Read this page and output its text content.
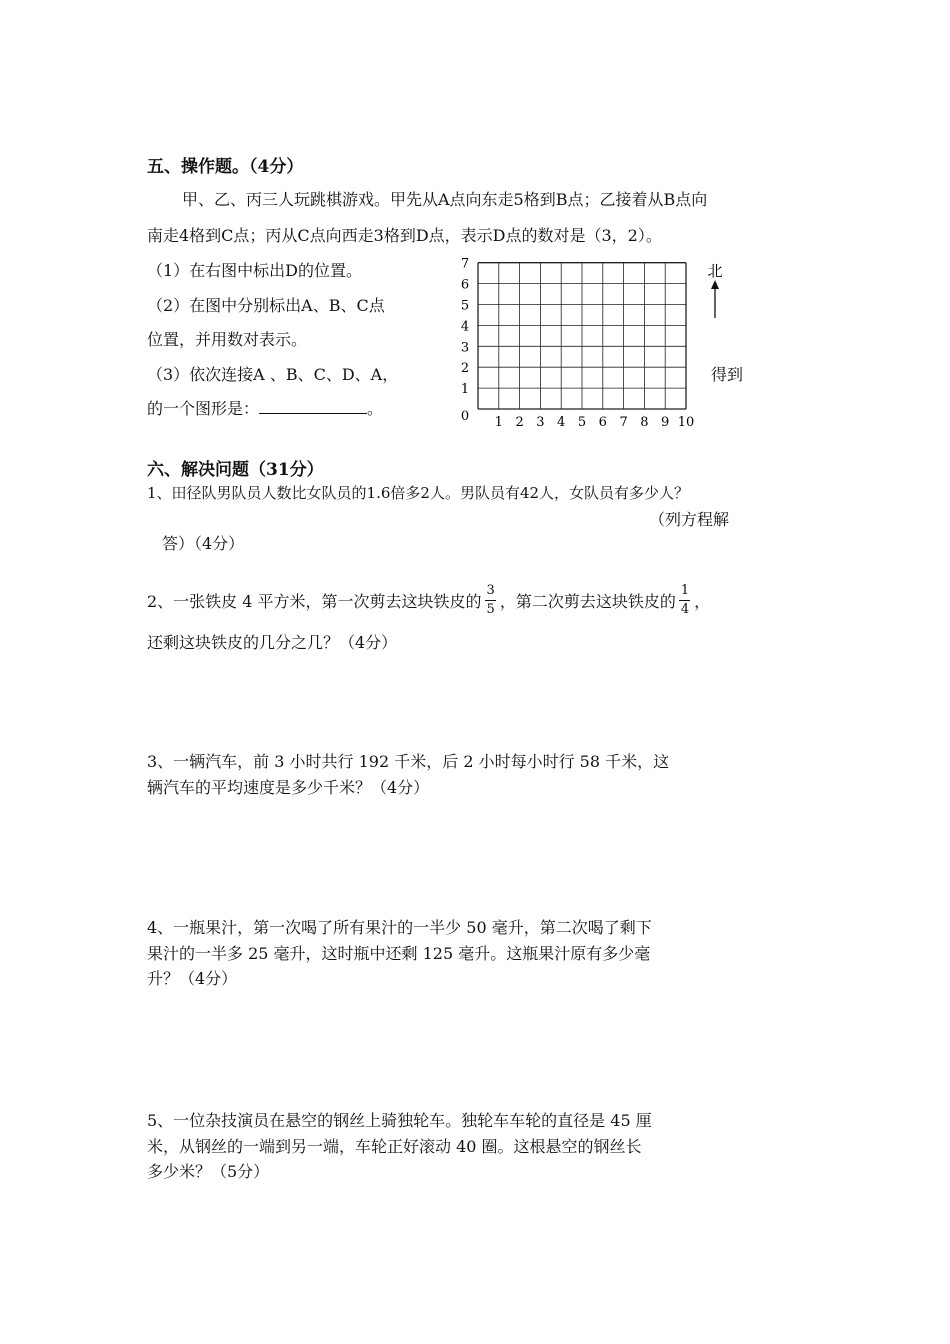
五、操作题。（4分）
甲、乙、丙三人玩跳棋游戏。甲先从A点向东走5格到B点；乙接着从B点向
南走4格到C点；丙从C点向西走3格到D点，表示D点的数对是（3，2）。
（1）在右图中标出D的位置。
（2）在图中分别标出A、B、C点
位置，并用数对表示。
（3）依次连接A 、B、C、D、A，
的一个图形是：	。
得到
1 2 3 4 5 6 7 8 9 10
1
2
3
4
5
6
7
0
北
六、解决问题（31分）
1、田径队男队员人数比女队员的1.6倍多2人。男队员有42人，女队员有多少人？
（列方程解
答）（4分）
2、一张铁皮 4 平方米，第一次剪去这块铁皮的 $\frac{3}{5}$ ，第二次剪去这块铁皮的 $\frac{1}{4}$ ，
还剩这块铁皮的几分之几？（4分）
3、一辆汽车，前 3 小时共行 192 千米，后 2 小时每小时行 58 千米，这
辆汽车的平均速度是多少千米？（4分）
4、一瓶果汁，第一次喝了所有果汁的一半少 50 毫升，第二次喝了剩下
果汁的一半多 25 毫升，这时瓶中还剩 125 毫升。这瓶果汁原有多少毫
升？（4分）
5、一位杂技演员在悬空的钢丝上骑独轮车。独轮车车轮的直径是 45 厘
米，从钢丝的一端到另一端，车轮正好滚动 40 圈。这根悬空的钢丝长
多少米？（5分）
